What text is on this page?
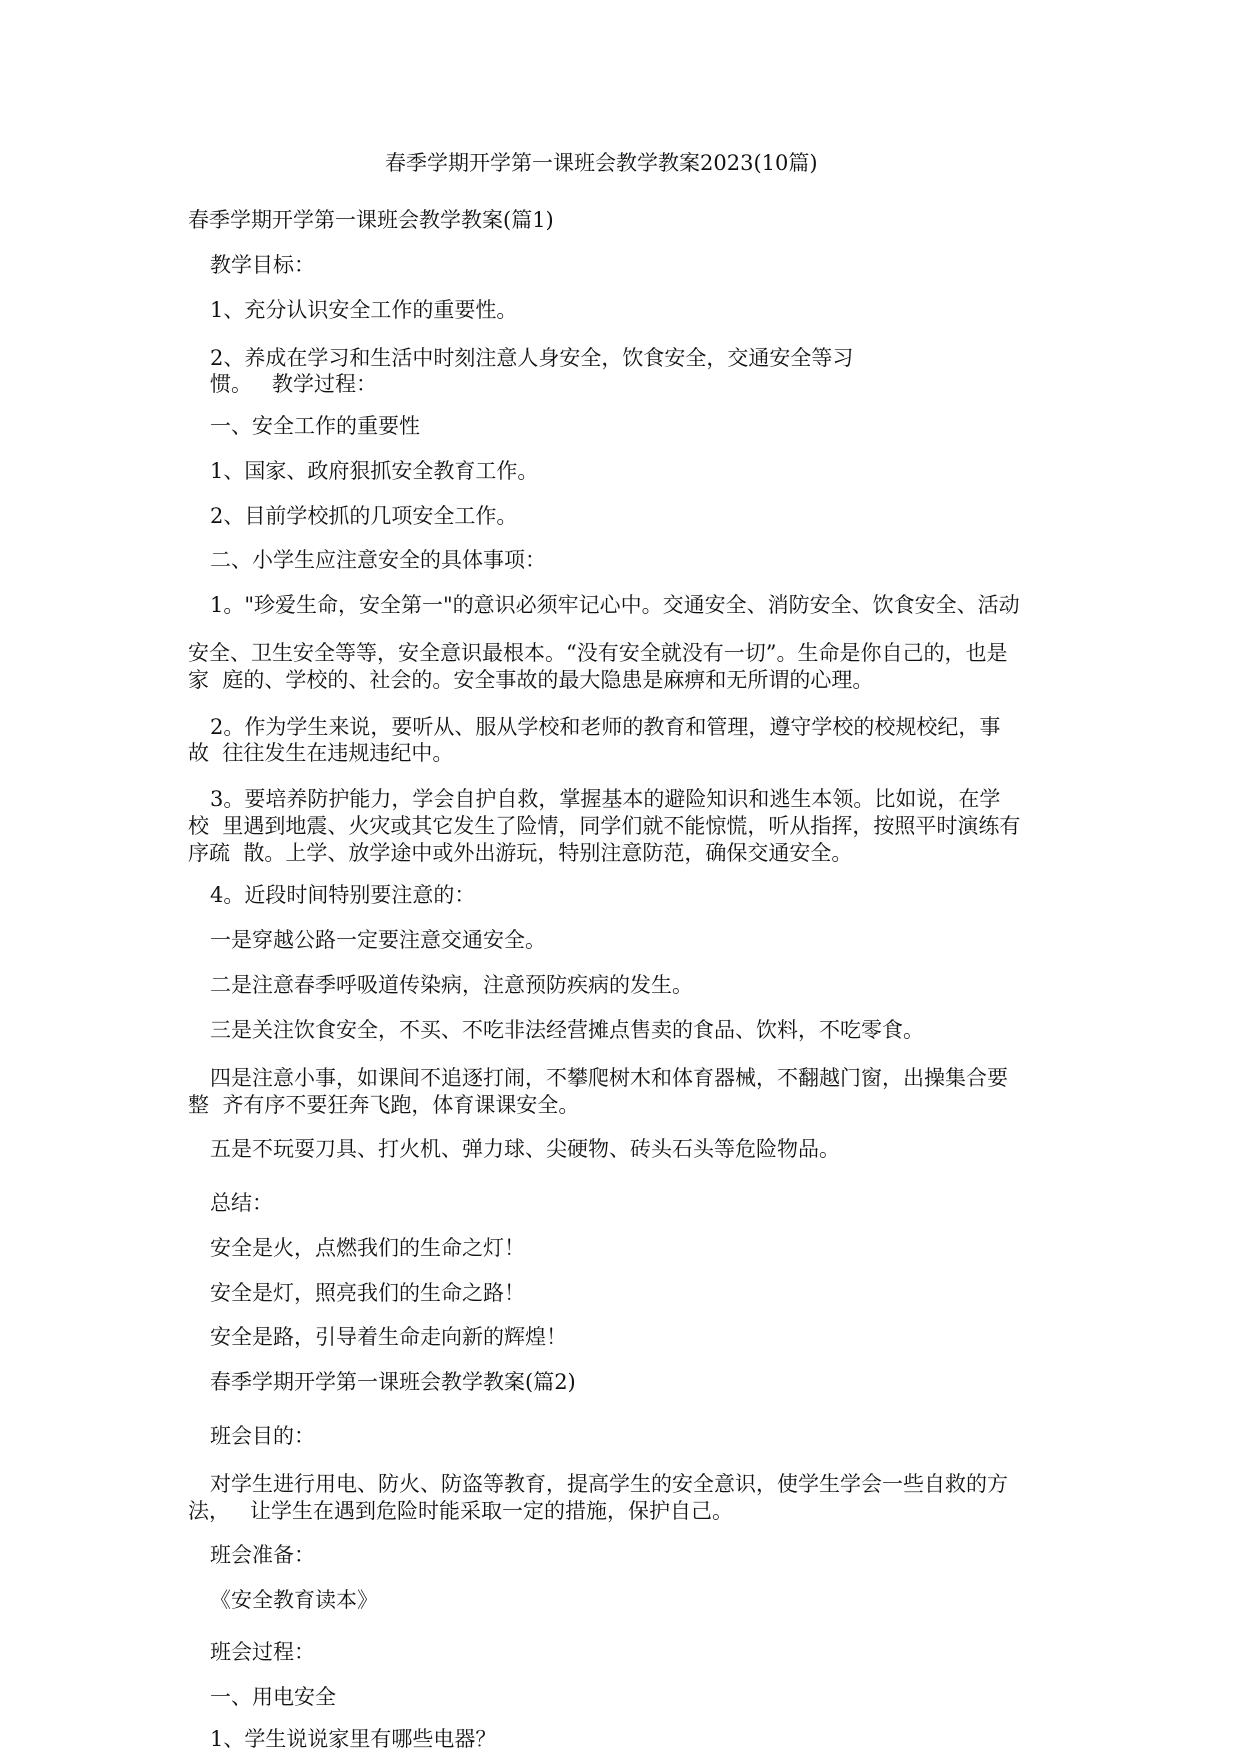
春季学期开学第一课班会教学教案2023(10篇)

春季学期开学第一课班会教学教案(篇1)

教学目标：

1、充分认识安全工作的重要性。

2、养成在学习和生活中时刻注意人身安全，饮食安全，交通安全等习

惯。   教学过程：

一、安全工作的重要性

1、国家、政府狠抓安全教育工作。

2、目前学校抓的几项安全工作。

二、小学生应注意安全的具体事项：

1。"珍爱生命，安全第一"的意识必须牢记心中。交通安全、消防安全、饮食安全、活动

安全、卫生安全等等，安全意识最根本。“没有安全就没有一切”。生命是你自己的，也是

家  庭的、学校的、社会的。安全事故的最大隐患是麻痹和无所谓的心理。

2。作为学生来说，要听从、服从学校和老师的教育和管理，遵守学校的校规校纪，事

故  往往发生在违规违纪中。

3。要培养防护能力，学会自护自救，掌握基本的避险知识和逃生本领。比如说，在学

校  里遇到地震、火灾或其它发生了险情，同学们就不能惊慌，听从指挥，按照平时演练有

序疏  散。上学、放学途中或外出游玩，特别注意防范，确保交通安全。

4。近段时间特别要注意的：

一是穿越公路一定要注意交通安全。

二是注意春季呼吸道传染病，注意预防疾病的发生。

三是关注饮食安全，不买、不吃非法经营摊点售卖的食品、饮料，不吃零食。

四是注意小事，如课间不追逐打闹，不攀爬树木和体育器械，不翻越门窗，出操集合要

整  齐有序不要狂奔飞跑，体育课课安全。

五是不玩耍刀具、打火机、弹力球、尖硬物、砖头石头等危险物品。

总结：

安全是火，点燃我们的生命之灯！

安全是灯，照亮我们的生命之路！

安全是路，引导着生命走向新的辉煌！

春季学期开学第一课班会教学教案(篇2)

班会目的：

对学生进行用电、防火、防盗等教育，提高学生的安全意识，使学生学会一些自救的方

法，   让学生在遇到危险时能采取一定的措施，保护自己。

班会准备：

《安全教育读本》

班会过程：

一、用电安全

1、学生说说家里有哪些电器？
